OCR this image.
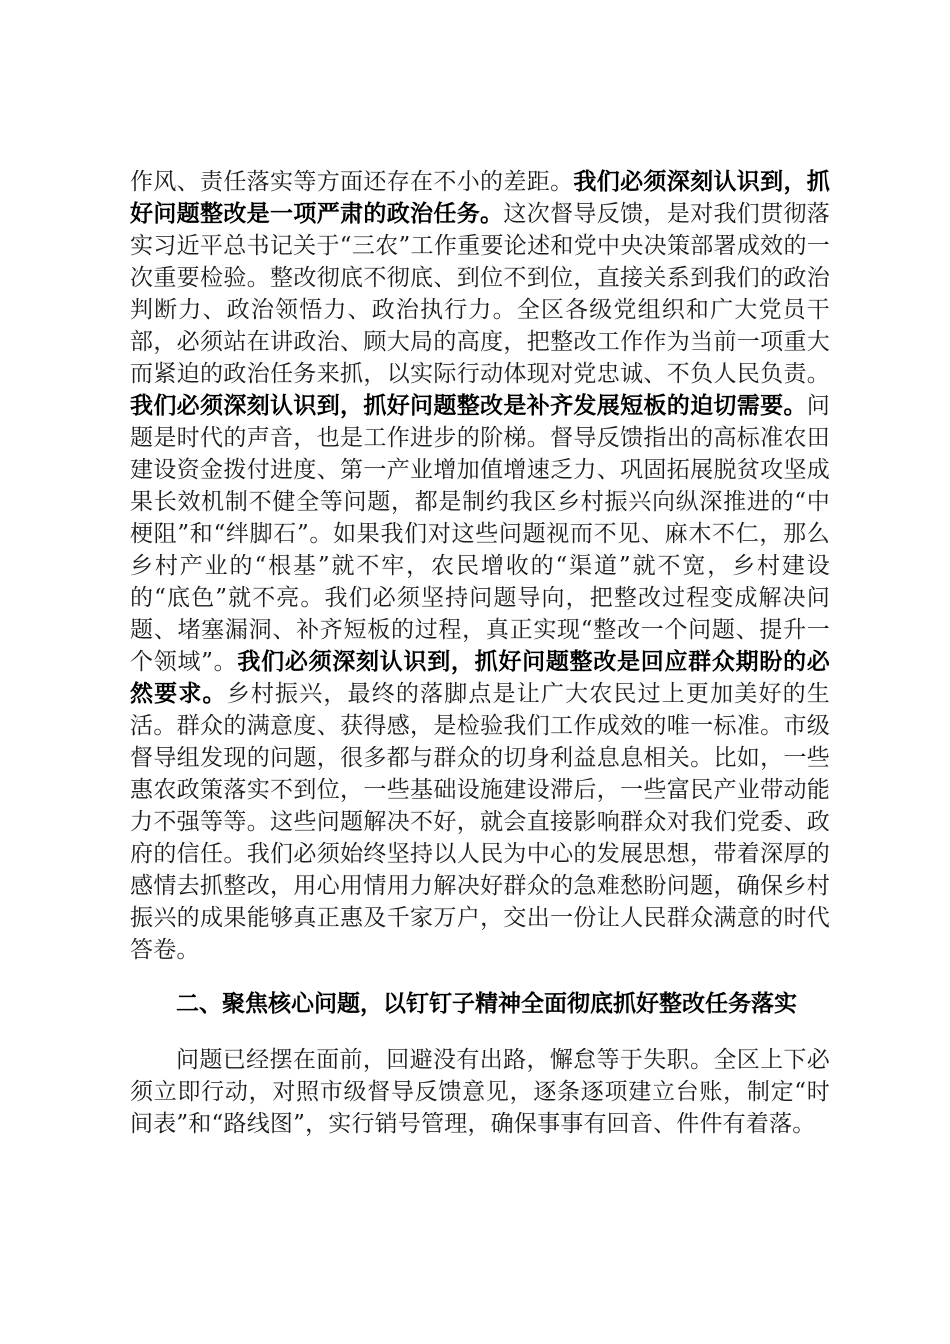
作风、责任落实等方面还存在不小的差距。我们必须深刻认识到，抓好问题整改是一项严肃的政治任务。这次督导反馈，是对我们贯彻落实习近平总书记关于“三农”工作重要论述和党中央决策部署成效的一次重要检验。整改彻底不彻底、到位不到位，直接关系到我们的政治判断力、政治领悟力、政治执行力。全区各级党组织和广大党员干部，必须站在讲政治、顾大局的高度，把整改工作作为当前一项重大而紧迫的政治任务来抓，以实际行动体现对党忠诚、不负人民负责。我们必须深刻认识到，抓好问题整改是补齐发展短板的迫切需要。问题是时代的声音，也是工作进步的阶梯。督导反馈指出的高标准农田建设资金拨付进度、第一产业增加值增速乏力、巩固拓展脱贫攻坚成果长效机制不健全等问题，都是制约我区乡村振兴向纵深推进的“中梗阻”和“绊脚石”。如果我们对这些问题视而不见、麻木不仁，那么乡村产业的“根基”就不牢，农民增收的“渠道”就不宽，乡村建设的“底色”就不亮。我们必须坚持问题导向，把整改过程变成解决问题、堵塞漏洞、补齐短板的过程，真正实现“整改一个问题、提升一个领域”。我们必须深刻认识到，抓好问题整改是回应群众期盼的必然要求。乡村振兴，最终的落脚点是让广大农民过上更加美好的生活。群众的满意度、获得感，是检验我们工作成效的唯一标准。市级督导组发现的问题，很多都与群众的切身利益息息相关。比如，一些惠农政策落实不到位，一些基础设施建设滞后，一些富民产业带动能力不强等等。这些问题解决不好，就会直接影响群众对我们党委、政府的信任。我们必须始终坚持以人民为中心的发展思想，带着深厚的感情去抓整改，用心用情用力解决好群众的急难愁盼问题，确保乡村振兴的成果能够真正惠及千家万户，交出一份让人民群众满意的时代答卷。

二、聚焦核心问题，以钉钉子精神全面彻底抓好整改任务落实

问题已经摆在面前，回避没有出路，懈怠等于失职。全区上下必须立即行动，对照市级督导反馈意见，逐条逐项建立台账，制定“时间表”和“路线图”，实行销号管理，确保事事有回音、件件有着落。
